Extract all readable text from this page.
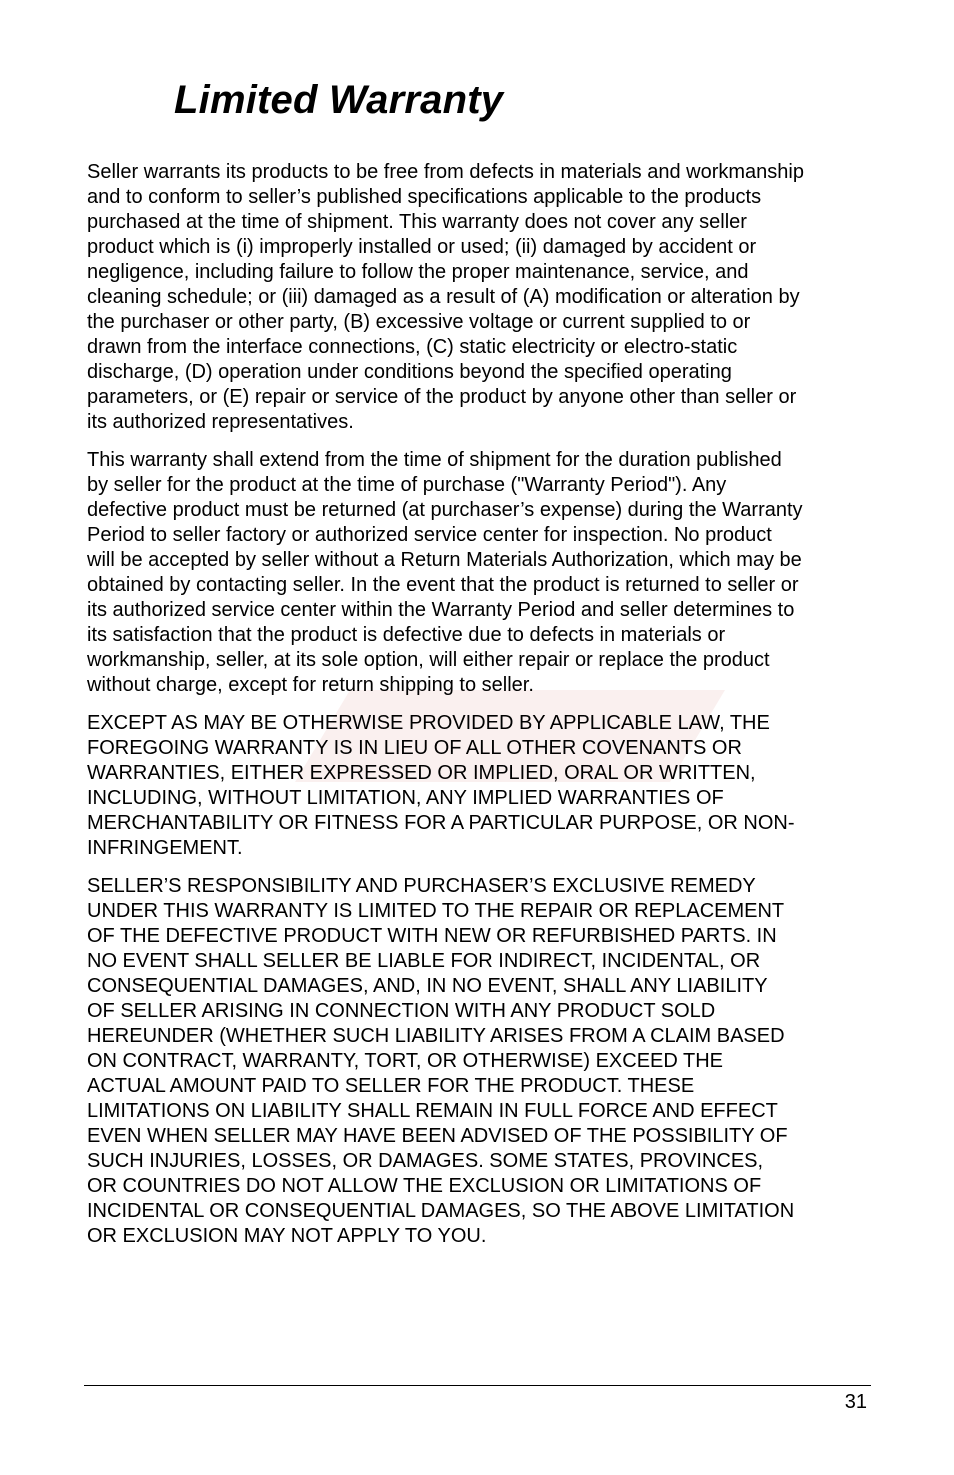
Limited Warranty

Seller warrants its products to be free from defects in materials and workmanship
and to conform to seller’s published specifications applicable to the products
purchased at the time of shipment. This warranty does not cover any seller
product which is (i) improperly installed or used; (ii) damaged by accident or
negligence, including failure to follow the proper maintenance, service, and
cleaning schedule; or (iii) damaged as a result of (A) modification or alteration by
the purchaser or other party, (B) excessive voltage or current supplied to or
drawn from the interface connections, (C) static electricity or electro-static
discharge, (D) operation under conditions beyond the specified operating
parameters, or (E) repair or service of the product by anyone other than seller or
its authorized representatives.

This warranty shall extend from the time of shipment for the duration published
by seller for the product at the time of purchase ("Warranty Period"). Any
defective product must be returned (at purchaser’s expense) during the Warranty
Period to seller factory or authorized service center for inspection. No product
will be accepted by seller without a Return Materials Authorization, which may be
obtained by contacting seller. In the event that the product is returned to seller or
its authorized service center within the Warranty Period and seller determines to
its satisfaction that the product is defective due to defects in materials or
workmanship, seller, at its sole option, will either repair or replace the product
without charge, except for return shipping to seller.

EXCEPT AS MAY BE OTHERWISE PROVIDED BY APPLICABLE LAW, THE
FOREGOING WARRANTY IS IN LIEU OF ALL OTHER COVENANTS OR
WARRANTIES, EITHER EXPRESSED OR IMPLIED, ORAL OR WRITTEN,
INCLUDING, WITHOUT LIMITATION, ANY IMPLIED WARRANTIES OF
MERCHANTABILITY OR FITNESS FOR A PARTICULAR PURPOSE, OR NON-
INFRINGEMENT.

SELLER’S RESPONSIBILITY AND PURCHASER’S EXCLUSIVE REMEDY
UNDER THIS WARRANTY IS LIMITED TO THE REPAIR OR REPLACEMENT
OF THE DEFECTIVE PRODUCT WITH NEW OR REFURBISHED PARTS. IN
NO EVENT SHALL SELLER BE LIABLE FOR INDIRECT, INCIDENTAL, OR
CONSEQUENTIAL DAMAGES, AND, IN NO EVENT, SHALL ANY LIABILITY
OF SELLER ARISING IN CONNECTION WITH ANY PRODUCT SOLD
HEREUNDER (WHETHER SUCH LIABILITY ARISES FROM A CLAIM BASED
ON CONTRACT, WARRANTY, TORT, OR OTHERWISE) EXCEED THE
ACTUAL AMOUNT PAID TO SELLER FOR THE PRODUCT. THESE
LIMITATIONS ON LIABILITY SHALL REMAIN IN FULL FORCE AND EFFECT
EVEN WHEN SELLER MAY HAVE BEEN ADVISED OF THE POSSIBILITY OF
SUCH INJURIES, LOSSES, OR DAMAGES. SOME STATES, PROVINCES,
OR COUNTRIES DO NOT ALLOW THE EXCLUSION OR LIMITATIONS OF
INCIDENTAL OR CONSEQUENTIAL DAMAGES, SO THE ABOVE LIMITATION
OR EXCLUSION MAY NOT APPLY TO YOU.

31
